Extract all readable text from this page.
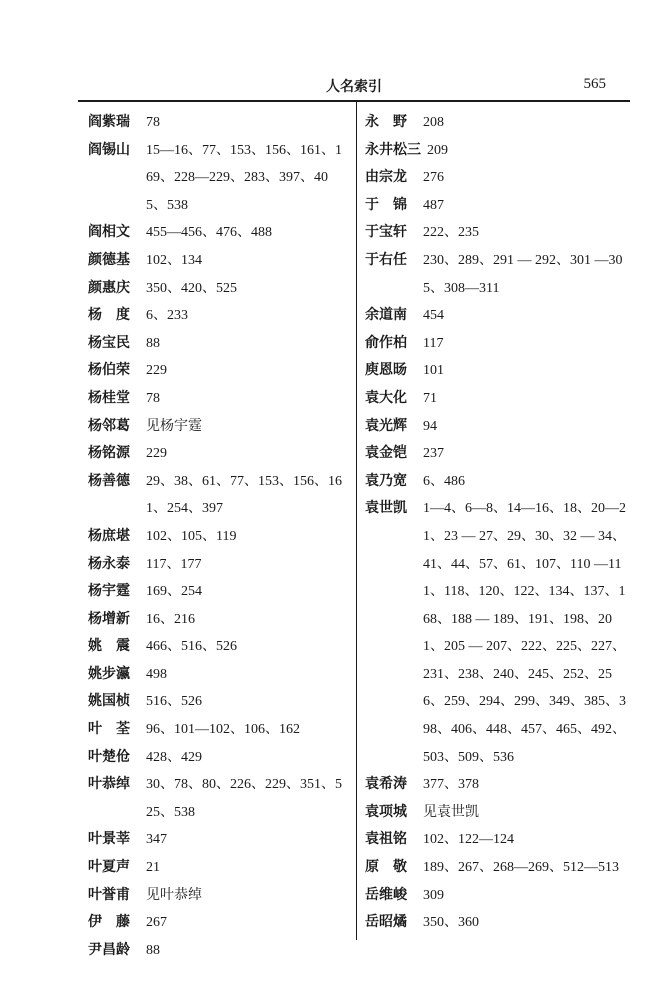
人名索引	565
阎紫瑞	78
阎锡山	15—16、77、153、156、161、169、228—229、283、397、405、538
阎相文	455—456、476、488
颜德基	102、134
颜惠庆	350、420、525
杨　度	6、233
杨宝民	88
杨伯荣	229
杨桂堂	78
杨邻葛	见杨宇霆
杨铭源	229
杨善德	29、38、61、77、153、156、161、254、397
杨庶堪	102、105、119
杨永泰	117、177
杨宇霆	169、254
杨增新	16、216
姚　震	466、516、526
姚步瀛	498
姚国桢	516、526
叶　荃	96、101—102、106、162
叶楚伧	428、429
叶恭绰	30、78、80、226、229、351、525、538
叶景莘	347
叶夏声	21
叶誉甫	见叶恭绰
伊　藤	267
尹昌龄	88
永　野	208
永井松三 209
由宗龙	276
于　锦	487
于宝轩	222、235
于右任	230、289、291 — 292、301 —305、308—311
余道南	454
俞作柏	117
庾恩旸	101
袁大化	71
袁光辉	94
袁金铠	237
袁乃宽	6、486
袁世凯	1—4、6—8、14—16、18、20—21、23 — 27、29、30、32 — 34、41、44、57、61、107、110 —111、118、120、122、134、137、168、188 — 189、191、198、201、205 — 207、222、225、227、231、238、240、245、252、256、259、294、299、349、385、398、406、448、457、465、492、503、509、536
袁希涛	377、378
袁项城	见袁世凯
袁祖铭	102、122—124
原　敬	189、267、268—269、512—513
岳维峻	309
岳昭燏	350、360
